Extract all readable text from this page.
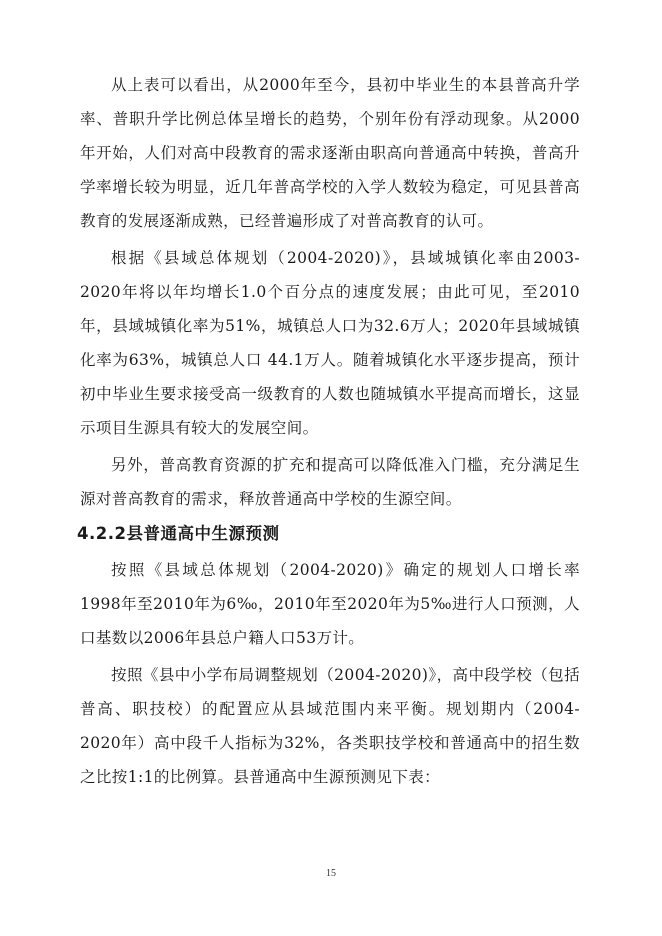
从上表可以看出，从2000年至今，县初中毕业生的本县普高升学率、普职升学比例总体呈增长的趋势，个别年份有浮动现象。从2000年开始，人们对高中段教育的需求逐渐由职高向普通高中转换，普高升学率增长较为明显，近几年普高学校的入学人数较为稳定，可见县普高教育的发展逐渐成熟，已经普遍形成了对普高教育的认可。

根据《县域总体规划（2004-2020)》，县域城镇化率由2003-2020年将以年均增长1.0个百分点的速度发展；由此可见，至2010年，县域城镇化率为51%，城镇总人口为32.6万人；2020年县域城镇化率为63%，城镇总人口 44.1万人。随着城镇化水平逐步提高，预计初中毕业生要求接受高一级教育的人数也随城镇水平提高而增长，这显示项目生源具有较大的发展空间。

另外，普高教育资源的扩充和提高可以降低准入门槛，充分满足生源对普高教育的需求，释放普通高中学校的生源空间。

4.2.2县普通高中生源预测

按照《县域总体规划（2004-2020)》确定的规划人口增长率1998年至2010年为6‰，2010年至2020年为5‰进行人口预测，人口基数以2006年县总户籍人口53万计。

按照《县中小学布局调整规划（2004-2020)》，高中段学校（包括普高、职技校）的配置应从县域范围内来平衡。规划期内（2004-2020年）高中段千人指标为32%，各类职技学校和普通高中的招生数之比按1:1的比例算。县普通高中生源预测见下表：

15
